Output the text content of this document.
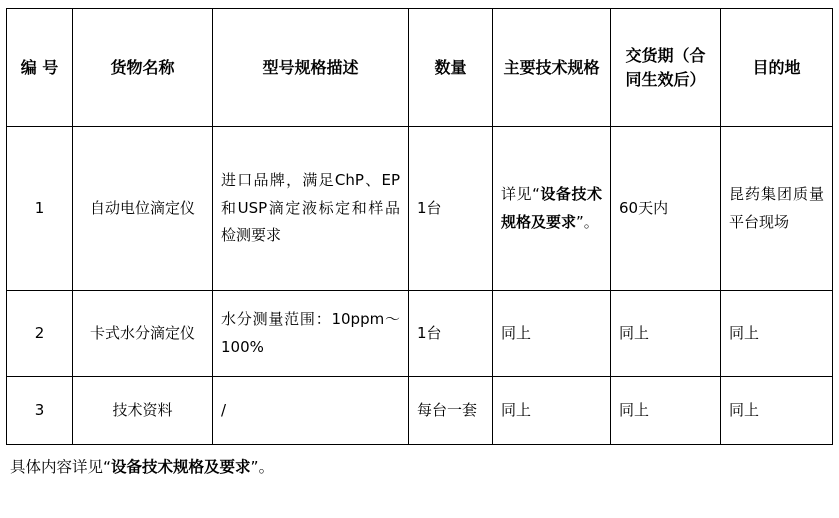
编 号	货物名称	型号规格描述	数量	主要技术规格	交货期（合同生效后）	目的地
1	自动电位滴定仪	进口品牌，满足ChP、EP和USP滴定液标定和样品检测要求	1台	详见“设备技术规格及要求”。	60天内	昆药集团质量平台现场
2	卡式水分滴定仪	水分测量范围：10ppm～100%	1台	同上	同上	同上
3	技术资料	/	每台一套	同上	同上	同上

具体内容详见“设备技术规格及要求”。
